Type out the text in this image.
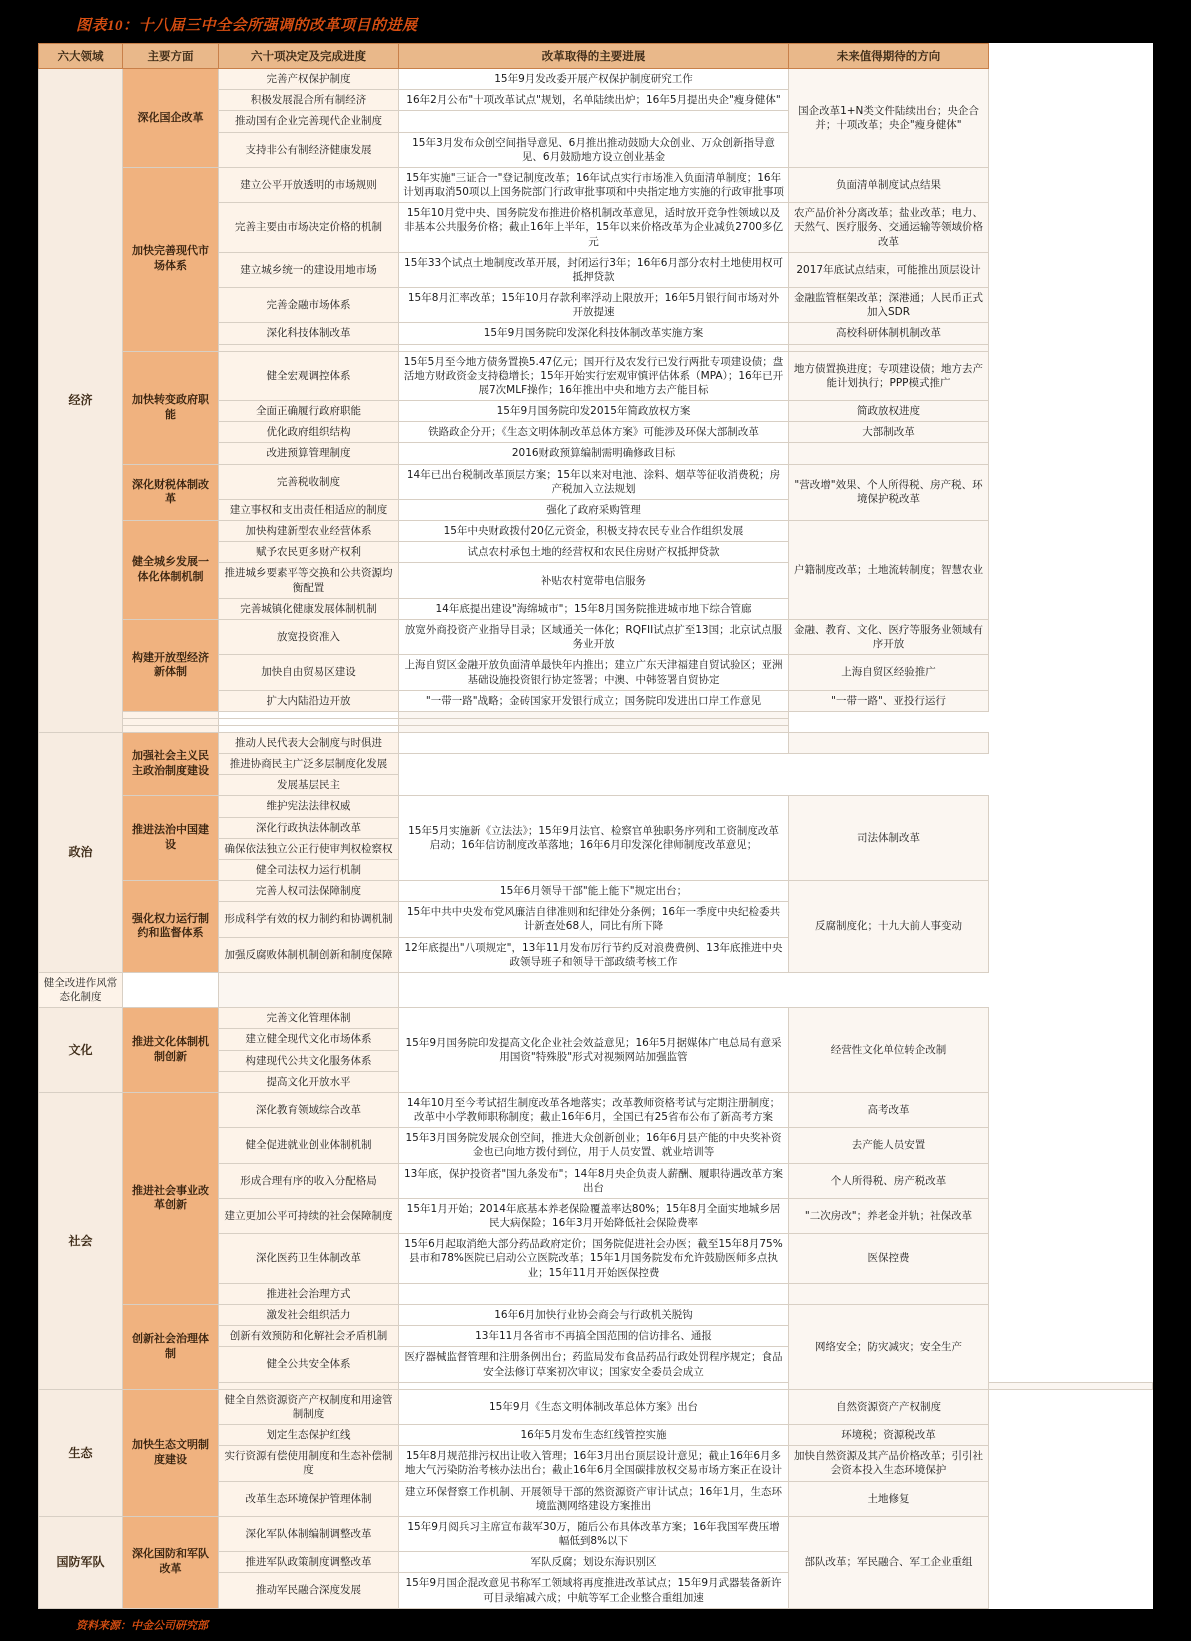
图表10：十八届三中全会所强调的改革项目的进展
六大领域	主要方面	六十项决定及完成进度	改革取得的主要进展	未来值得期待的方向	
经济	深化国企改革	完善产权保护制度	15年9月发改委开展产权保护制度研究工作	国企改革1+N类文件陆续出台；央企合并；十项改革；央企"瘦身健体"	
		积极发展混合所有制经济	16年2月公布"十项改革试点"规划，名单陆续出炉；16年5月提出央企"瘦身健体"		
		推动国有企业完善现代企业制度			
		支持非公有制经济健康发展	15年3月发布众创空间指导意见、6月推出推动鼓励大众创业、万众创新指导意见、6月鼓励地方设立创业基金		
	加快完善现代市场体系	建立公平开放透明的市场规则	15年实施"三证合一"登记制度改革；16年试点实行市场准入负面清单制度；16年计划再取消50项以上国务院部门行政审批事项和中央指定地方实施的行政审批事项	负面清单制度试点结果	
		完善主要由市场决定价格的机制	15年10月党中央、国务院发布推进价格机制改革意见，适时放开竞争性领域以及非基本公共服务价格；截止16年上半年，15年以来价格改革为企业减负2700多亿元	农产品价补分离改革；盐业改革；电力、天然气、医疗服务、交通运输等领域价格改革	
		建立城乡统一的建设用地市场	15年33个试点土地制度改革开展，封闭运行3年；16年6月部分农村土地使用权可抵押贷款	2017年底试点结束，可能推出顶层设计	
		完善金融市场体系	15年8月汇率改革；15年10月存款利率浮动上限放开；16年5月银行间市场对外开放提速	金融监管框架改革；深港通；人民币正式加入SDR	
		深化科技体制改革	15年9月国务院印发深化科技体制改革实施方案	高校科研体制机制改革	

	加快转变政府职能	健全宏观调控体系	15年5月至今地方债务置换5.47亿元；国开行及农发行已发行两批专项建设债；盘活地方财政资金支持稳增长；15年开始实行宏观审慎评估体系（MPA）；16年已开展7次MLF操作；16年推出中央和地方去产能目标	地方债置换进度；专项建设债；地方去产能计划执行；PPP模式推广	
		全面正确履行政府职能	15年9月国务院印发2015年简政放权方案	简政放权进度	
		优化政府组织结构	铁路政企分开；《生态文明体制改革总体方案》可能涉及环保大部制改革	大部制改革	
		改进预算管理制度	2016财政预算编制需明确修政目标		
	深化财税体制改革	完善税收制度	14年已出台税制改革顶层方案；15年以来对电池、涂料、烟草等征收消费税；房产税加入立法规划	"营改增"效果、个人所得税、房产税、环境保护税改革	
		建立事权和支出责任相适应的制度	强化了政府采购管理		
	健全城乡发展一体化体制机制	加快构建新型农业经营体系	15年中央财政拨付20亿元资金，积极支持农民专业合作组织发展	户籍制度改革；土地流转制度；智慧农业	
		赋予农民更多财产权利	试点农村承包土地的经营权和农民住房财产权抵押贷款		
		推进城乡要素平等交换和公共资源均衡配置	补贴农村宽带电信服务		
		完善城镇化健康发展体制机制	14年底提出建设"海绵城市"；15年8月国务院推进城市地下综合管廊		
	构建开放型经济新体制	放宽投资准入	放宽外商投资产业指导目录；区域通关一体化；RQFII试点扩至13国；北京试点服务业开放	金融、教育、文化、医疗等服务业领域有序开放	
		加快自由贸易区建设	上海自贸区金融开放负面清单最快年内推出；建立广东天津福建自贸试验区；亚洲基础设施投资银行协定签署；中澳、中韩签署自贸协定	上海自贸区经验推广	
		扩大内陆沿边开放	"一带一路"战略；金砖国家开发银行成立；国务院印发进出口岸工作意见	"一带一路"、亚投行运行	

政治	加强社会主义民主政治制度建设	推动人民代表大会制度与时俱进			
		推进协商民主广泛多层制度化发展			
		发展基层民主			
	推进法治中国建设	维护宪法法律权威	15年5月实施新《立法法》；15年9月法官、检察官单独职务序列和工资制度改革启动；16年信访制度改革落地；16年6月印发深化律师制度改革意见；	司法体制改革	
		深化行政执法体制改革			
		确保依法独立公正行使审判权检察权			
		健全司法权力运行机制			
	强化权力运行制约和监督体系	完善人权司法保障制度	15年6月领导干部"能上能下"规定出台；	反腐制度化；十九大前人事变动	
		形成科学有效的权力制约和协调机制	15年中共中央发布党风廉洁自律准则和纪律处分条例；16年一季度中央纪检委共计新查处68人，同比有所下降		
		加强反腐败体制机制创新和制度保障	12年底提出"八项规定"，13年11月发布厉行节约反对浪费费例、13年底推进中央政领导班子和领导干部政绩考核工作		
健全改进作风常态化制度					
文化	推进文化体制机制创新	完善文化管理体制	15年9月国务院印发提高文化企业社会效益意见；16年5月据媒体广电总局有意采用国资"特殊股"形式对视频网站加强监管	经营性文化单位转企改制	
		建立健全现代文化市场体系			
		构建现代公共文化服务体系			
		提高文化开放水平			
社会	推进社会事业改革创新	深化教育领域综合改革	14年10月至今考试招生制度改革各地落实；改革教师资格考试与定期注册制度；改革中小学教师职称制度；截止16年6月，全国已有25省布公布了新高考方案	高考改革	
		健全促进就业创业体制机制	15年3月国务院发展众创空间，推进大众创新创业；16年6月县产能的中央奖补资金也已向地方拨付到位，用于人员安置、就业培训等	去产能人员安置	
		形成合理有序的收入分配格局	13年底，保护投资者"国九条发布"；14年8月央企负责人薪酬、履职待遇改革方案出台	个人所得税、房产税改革	
		建立更加公平可持续的社会保障制度	15年1月开始；2014年底基本养老保险覆盖率达80%；15年8月全面实地城乡居民大病保险；16年3月开始降低社会保险费率	"二次房改"；养老金并轨；社保改革	
		深化医药卫生体制改革	15年6月起取消绝大部分药品政府定价；国务院促进社会办医；截至15年8月75%县市和78%医院已启动公立医院改革；15年1月国务院发布允许鼓励医师多点执业；15年11月开始医保控费	医保控费	
		推进社会治理方式			
	创新社会治理体制	激发社会组织活力	16年6月加快行业协会商会与行政机关脱钩	网络安全；防灾减灾；安全生产	
		创新有效预防和化解社会矛盾机制	13年11月各省市不再搞全国范围的信访排名、通报		
		健全公共安全体系	医疗器械监督管理和注册条例出台；药监局发布食品药品行政处罚程序规定；食品安全法修订草案初次审议；国家安全委员会成立		

生态	加快生态文明制度建设	健全自然资源资产产权制度和用途管制制度	15年9月《生态文明体制改革总体方案》出台	自然资源资产产权制度	
		划定生态保护红线	16年5月发布生态红线管控实施	环境税；资源税改革	
		实行资源有偿使用制度和生态补偿制度	15年8月规范排污权出让收入管理；16年3月出台顶层设计意见；截止16年6月多地大气污染防治考核办法出台；截止16年6月全国碳排放权交易市场方案正在设计	加快自然资源及其产品价格改革；引引社会资本投入生态环境保护	
		改革生态环境保护管理体制	建立环保督察工作机制、开展领导干部的然资源资产审计试点；16年1月，生态环境监测网络建设方案推出	土地修复	
国防军队	深化国防和军队改革	深化军队体制编制调整改革	15年9月阅兵习主席宣布裁军30万，随后公布具体改革方案；16年我国军费压增幅低到8%以下	部队改革；军民融合、军工企业重组	
		推进军队政策制度调整改革	军队反腐；划设东海识别区		
		推动军民融合深度发展	15年9月国企混改意见书称军工领域将再度推进改革试点；15年9月武器装备新许可目录缩减六成；中航等军工企业整合重组加速		
资料来源：中金公司研究部
